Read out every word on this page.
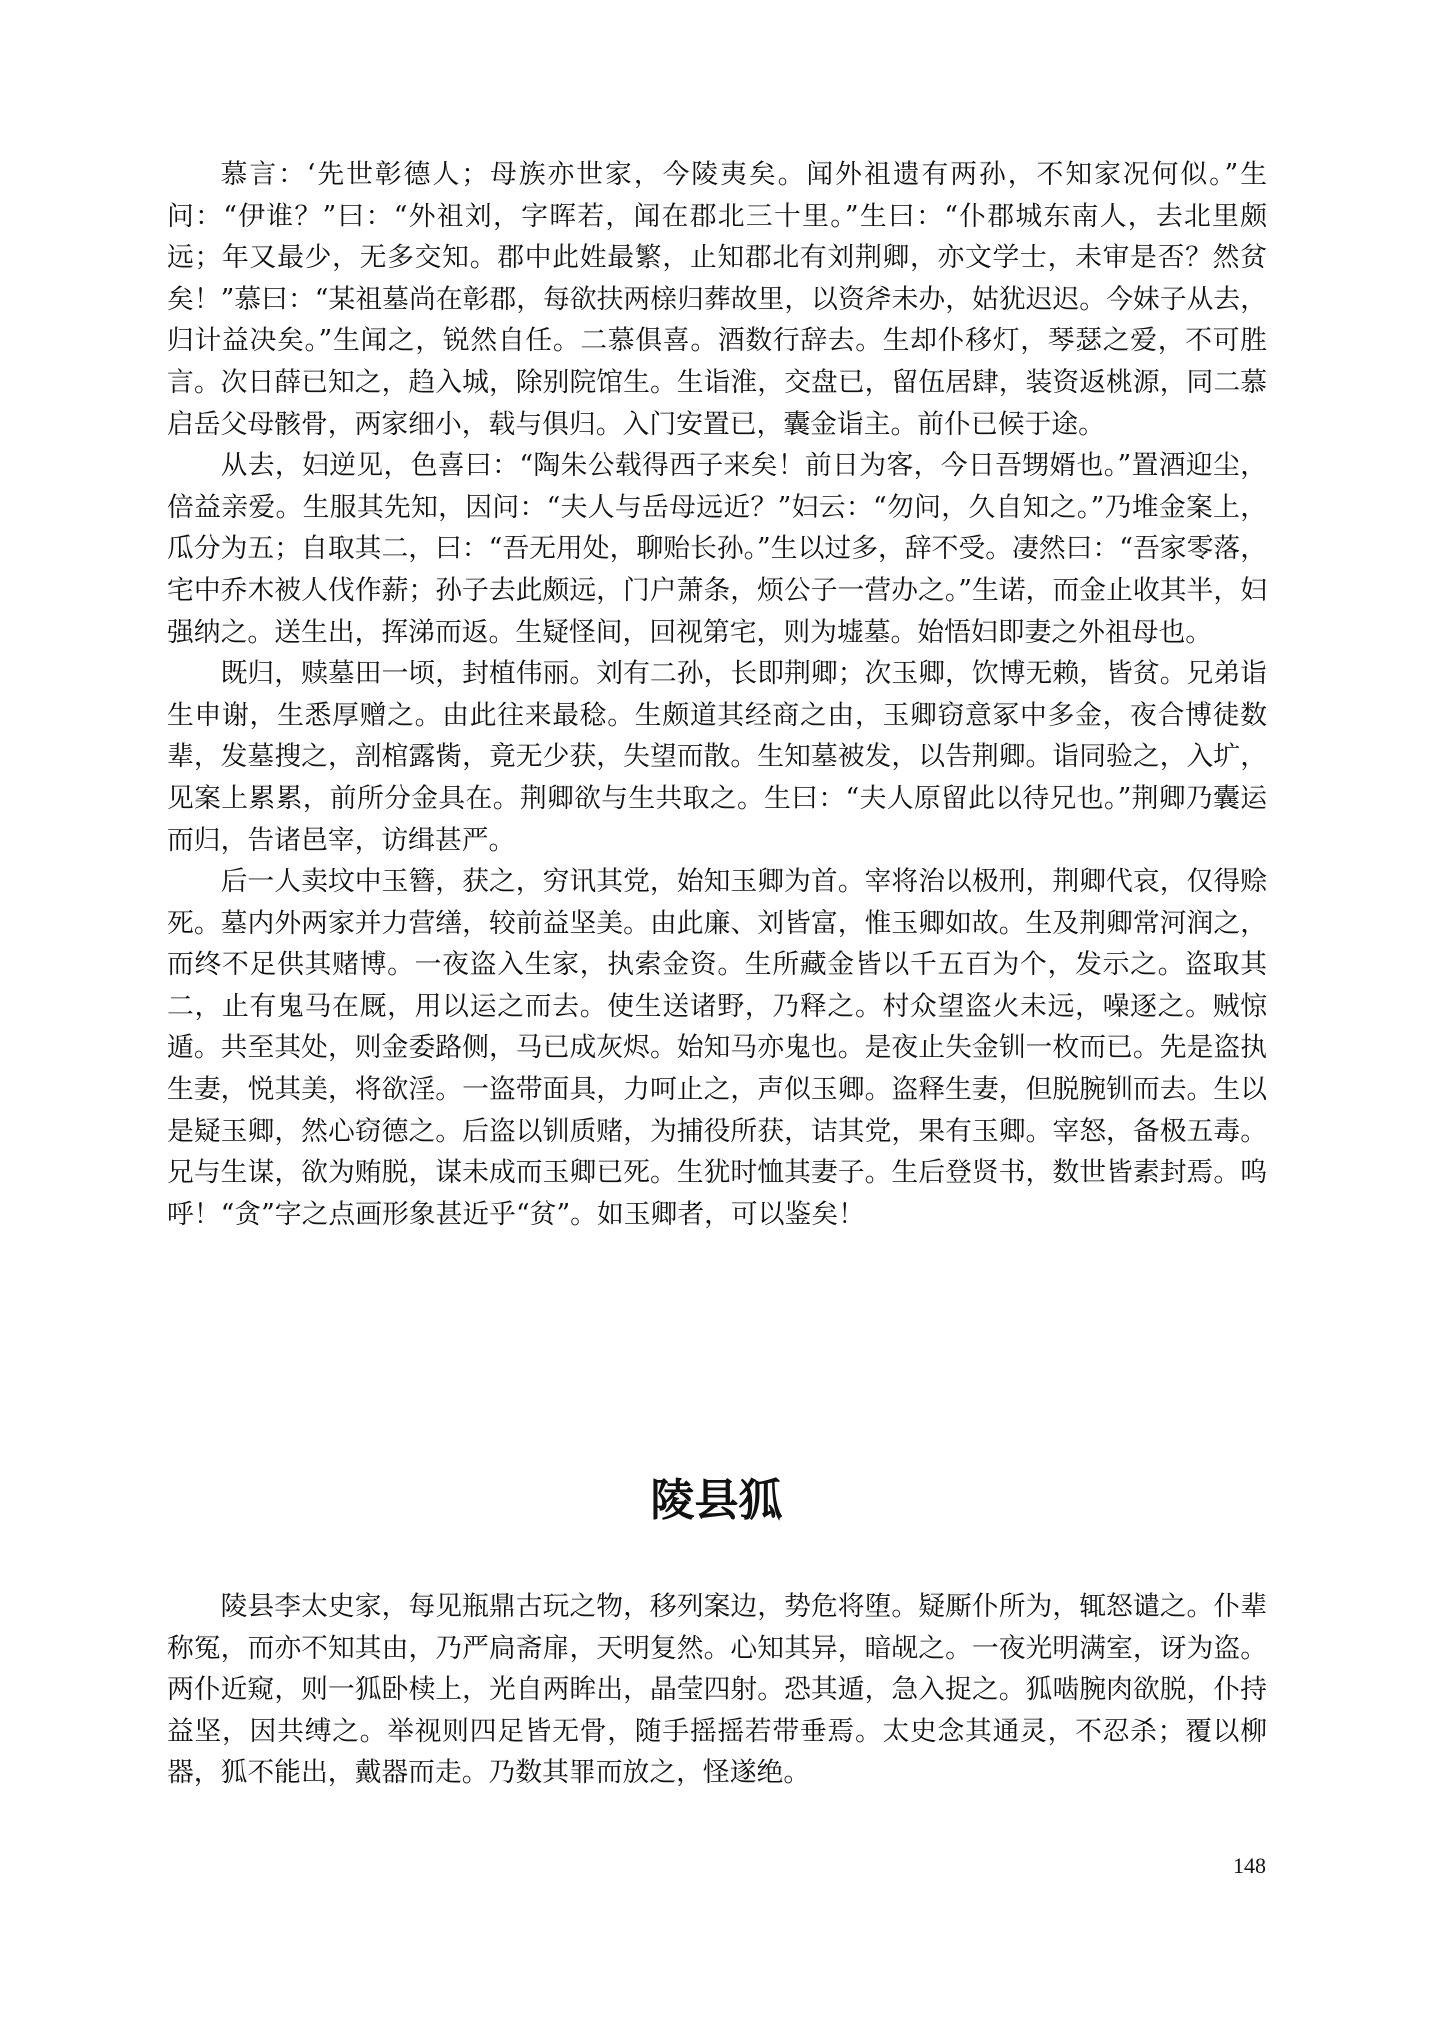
慕言：‘先世彰德人；母族亦世家，今陵夷矣。闻外祖遗有两孙，不知家况何似。”生问：“伊谁？”曰：“外祖刘，字晖若，闻在郡北三十里。”生曰：“仆郡城东南人，去北里颇远；年又最少，无多交知。郡中此姓最繁，止知郡北有刘荆卿，亦文学士，未审是否？然贫矣！”慕曰：“某祖墓尚在彰郡，每欲扶两榇归葬故里，以资斧未办，姑犹迟迟。今妹子从去，归计益决矣。”生闻之，锐然自任。二慕俱喜。酒数行辞去。生却仆移灯，琴瑟之爱，不可胜言。次日薛已知之，趋入城，除别院馆生。生诣淮，交盘已，留伍居肆，装资返桃源，同二慕启岳父母骸骨，两家细小，载与俱归。入门安置已，囊金诣主。前仆已候于途。

从去，妇逆见，色喜曰：“陶朱公载得西子来矣！前日为客，今日吾甥婿也。”置酒迎尘，倍益亲爱。生服其先知，因问：“夫人与岳母远近？”妇云：“勿问，久自知之。”乃堆金案上，瓜分为五；自取其二，曰：“吾无用处，聊贻长孙。”生以过多，辞不受。凄然曰：“吾家零落，宅中乔木被人伐作薪；孙子去此颇远，门户萧条，烦公子一营办之。”生诺，而金止收其半，妇强纳之。送生出，挥涕而返。生疑怪间，回视第宅，则为墟墓。始悟妇即妻之外祖母也。

既归，赎墓田一顷，封植伟丽。刘有二孙，长即荆卿；次玉卿，饮博无赖，皆贫。兄弟诣生申谢，生悉厚赠之。由此往来最稔。生颇道其经商之由，玉卿窃意冢中多金，夜合博徒数辈，发墓搜之，剖棺露胔，竟无少获，失望而散。生知墓被发，以告荆卿。诣同验之，入圹，见案上累累，前所分金具在。荆卿欲与生共取之。生曰：“夫人原留此以待兄也。”荆卿乃囊运而归，告诸邑宰，访缉甚严。

后一人卖坟中玉簪，获之，穷讯其党，始知玉卿为首。宰将治以极刑，荆卿代哀，仅得赊死。墓内外两家并力营缮，较前益坚美。由此廉、刘皆富，惟玉卿如故。生及荆卿常河润之，而终不足供其赌博。一夜盗入生家，执索金资。生所藏金皆以千五百为个，发示之。盗取其二，止有鬼马在厩，用以运之而去。使生送诸野，乃释之。村众望盗火未远，噪逐之。贼惊遁。共至其处，则金委路侧，马已成灰烬。始知马亦鬼也。是夜止失金钏一枚而已。先是盗执生妻，悦其美，将欲淫。一盗带面具，力呵止之，声似玉卿。盗释生妻，但脱腕钏而去。生以是疑玉卿，然心窃德之。后盗以钏质赌，为捕役所获，诘其党，果有玉卿。宰怒，备极五毒。兄与生谋，欲为贿脱，谋未成而玉卿已死。生犹时恤其妻子。生后登贤书，数世皆素封焉。呜呼！“贪”字之点画形象甚近乎“贫”。如玉卿者，可以鉴矣！

陵县狐

陵县李太史家，每见瓶鼎古玩之物，移列案边，势危将堕。疑厮仆所为，辄怒谴之。仆辈称冤，而亦不知其由，乃严扃斋扉，天明复然。心知其异，暗觇之。一夜光明满室，讶为盗。两仆近窥，则一狐卧椟上，光自两眸出，晶莹四射。恐其遁，急入捉之。狐啮腕肉欲脱，仆持益坚，因共缚之。举视则四足皆无骨，随手摇摇若带垂焉。太史念其通灵，不忍杀；覆以柳器，狐不能出，戴器而走。乃数其罪而放之，怪遂绝。

148
